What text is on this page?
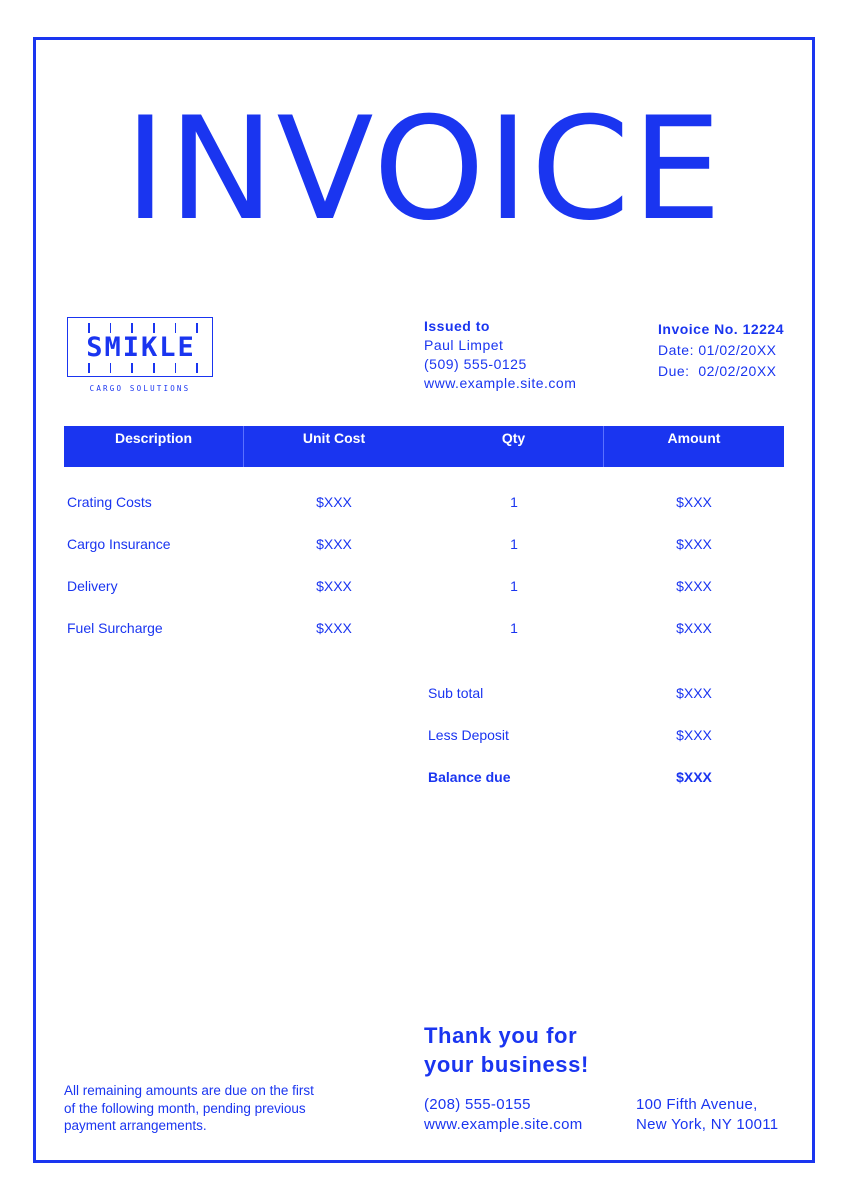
INVOICE
SMIKLE
CARGO SOLUTIONS
Issued to
Paul Limpet
(509) 555-0125
www.example.site.com
Invoice No. 12224
Date: 01/02/20XX
Due:  02/02/20XX
Description	Unit Cost	Qty	Amount
Crating Costs	$XXX	1	$XXX
Cargo Insurance	$XXX	1	$XXX
Delivery	$XXX	1	$XXX
Fuel Surcharge	$XXX	1	$XXX
Sub total	$XXX
Less Deposit	$XXX
Balance due	$XXX
Thank you for
your business!
(208) 555-0155
www.example.site.com
100 Fifth Avenue,
New York, NY 10011
All remaining amounts are due on the first
of the following month, pending previous
payment arrangements.
